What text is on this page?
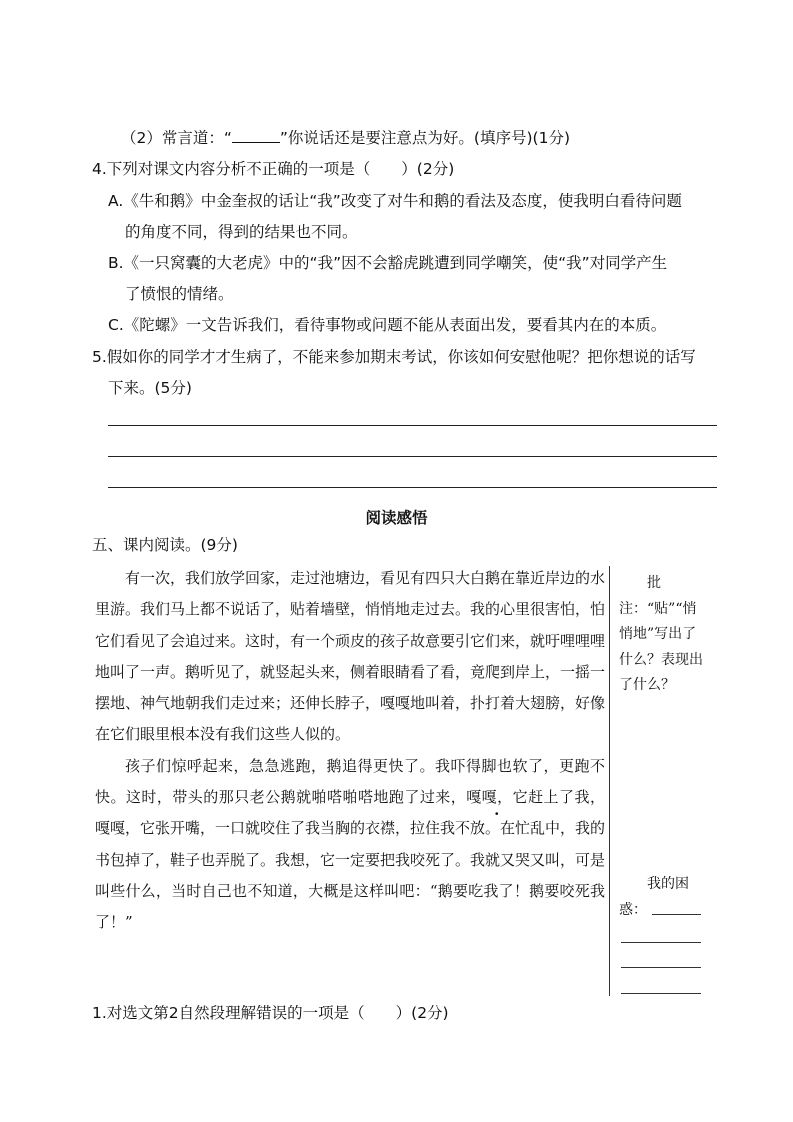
（2）常言道：“	”你说话还是要注意点为好。(填序号)(1分)
4.下列对课文内容分析不正确的一项是（　　）(2分)
A.《牛和鹅》中金奎叔的话让“我”改变了对牛和鹅的看法及态度，使我明白看待问题
的角度不同，得到的结果也不同。
B.《一只窝囊的大老虎》中的“我”因不会豁虎跳遭到同学嘲笑，使“我”对同学产生
了愤恨的情绪。
C.《陀螺》一文告诉我们，看待事物或问题不能从表面出发，要看其内在的本质。
5.假如你的同学才才生病了，不能来参加期末考试，你该如何安慰他呢？把你想说的话写
下来。(5分)
阅读感悟
五、课内阅读。(9分)

有一次，我们放学回家，走过池塘边，看见有四只大白鹅在靠近岸边的水里游。我们马上都不说话了，贴着墙壁，悄悄地走过去。我的心里很害怕，怕它们看见了会追过来。这时，有一个顽皮的孩子故意要引它们来，就吁哩哩哩地叫了一声。鹅听见了，就竖起头来，侧着眼睛看了看，竟爬到岸上，一摇一摆地、神气地朝我们走过来；还伸长脖子，嘎嘎地叫着，扑打着大翅膀，好像在它们眼里根本没有我们这些人似的。

孩子们惊呼起来，急急逃跑，鹅追得更快了。我吓得脚也软了，更跑不快。这时，带头的那只老公鹅就啪嗒啪嗒地跑了过来，嘎嘎，它赶上了我，嘎嘎，它张开嘴，一口就咬住了我当胸的衣襟，拉住我不放。在忙乱中，我的书包掉了，鞋子也弄脱了。我想，它一定要把我咬死了。我就又哭又叫，可是叫些什么，当时自己也不知道，大概是这样叫吧：“鹅要吃我了！鹅要咬死我了！”

批注：“贴”“悄悄地”写出了什么？表现出了什么？
我的困惑：
1.对选文第2自然段理解错误的一项是（　　）(2分)
